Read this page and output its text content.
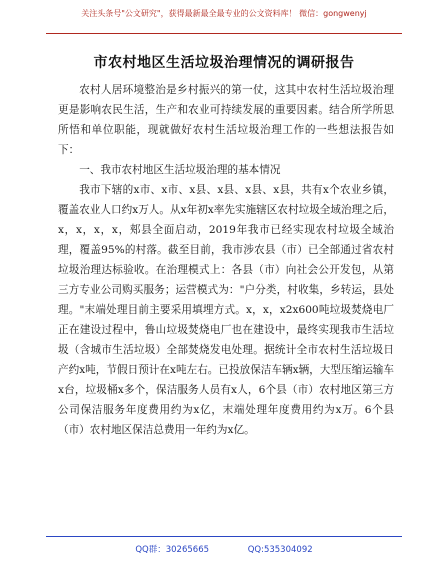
关注头条号"公文研究"，获得最新最全最专业的公文资料库！ 微信：gongwenyj
市农村地区生活垃圾治理情况的调研报告

农村人居环境整治是乡村振兴的第一仗，这其中农村生活垃圾治理更是影响农民生活，生产和农业可持续发展的重要因素。结合所学所思所悟和单位职能，现就做好农村生活垃圾治理工作的一些想法报告如下：

一、我市农村地区生活垃圾治理的基本情况

我市下辖的x市、x市、x县、x县、x县、x县，共有x个农业乡镇，覆盖农业人口约x万人。从x年初x率先实施辖区农村垃圾全域治理之后，x，x，x，x，郏县全面启动，2019年我市已经实现农村垃圾全域治理，覆盖95%的村落。截至目前，我市涉农县（市）已全部通过省农村垃圾治理达标验收。在治理模式上：各县（市）向社会公开发包，从第三方专业公司购买服务；运营模式为："户分类，村收集，乡转运，县处理。"末端处理目前主要采用填埋方式。x，x，x2x600吨垃圾焚烧电厂正在建设过程中，鲁山垃圾焚烧电厂也在建设中，最终实现我市生活垃圾（含城市生活垃圾）全部焚烧发电处理。据统计全市农村生活垃圾日产约x吨，节假日预计在x吨左右。已投放保洁车辆x辆，大型压缩运输车x台，垃圾桶x多个，保洁服务人员有x人，6个县（市）农村地区第三方公司保洁服务年度费用约为x亿，末端处理年度费用约为x万。6个县（市）农村地区保洁总费用一年约为x亿。

QQ群：30265665	QQ:535304092
